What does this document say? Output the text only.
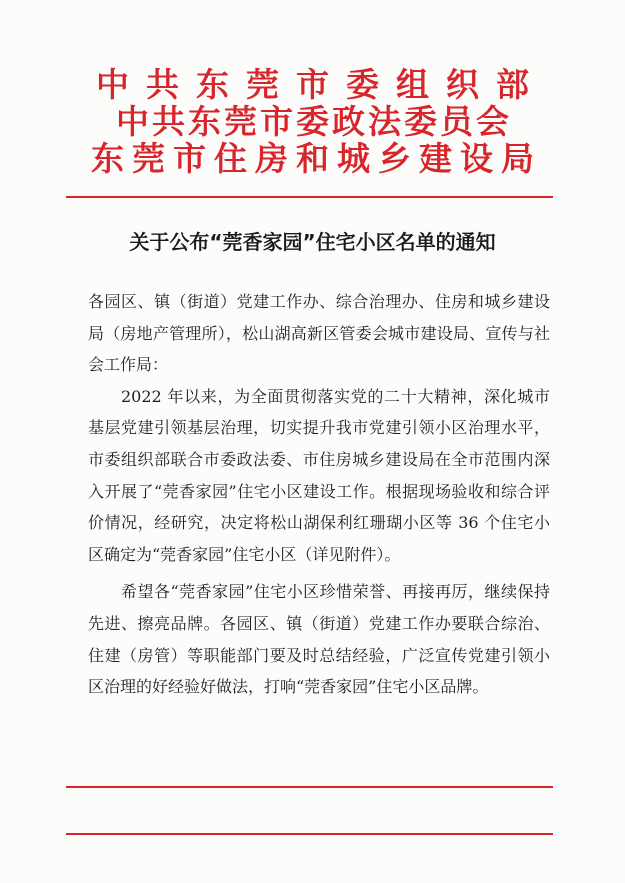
中共东莞市委组织部
中共东莞市委政法委员会
东莞市住房和城乡建设局
关于公布“莞香家园”住宅小区名单的通知

各园区、镇（街道）党建工作办、综合治理办、住房和城乡建设局（房地产管理所），松山湖高新区管委会城市建设局、宣传与社会工作局：

2022 年以来，为全面贯彻落实党的二十大精神，深化城市基层党建引领基层治理，切实提升我市党建引领小区治理水平，市委组织部联合市委政法委、市住房城乡建设局在全市范围内深入开展了“莞香家园”住宅小区建设工作。根据现场验收和综合评价情况，经研究，决定将松山湖保利红珊瑚小区等 36 个住宅小区确定为“莞香家园”住宅小区（详见附件）。

希望各“莞香家园”住宅小区珍惜荣誉、再接再厉，继续保持先进、擦亮品牌。各园区、镇（街道）党建工作办要联合综治、住建（房管）等职能部门要及时总结经验，广泛宣传党建引领小区治理的好经验好做法，打响“莞香家园”住宅小区品牌。
